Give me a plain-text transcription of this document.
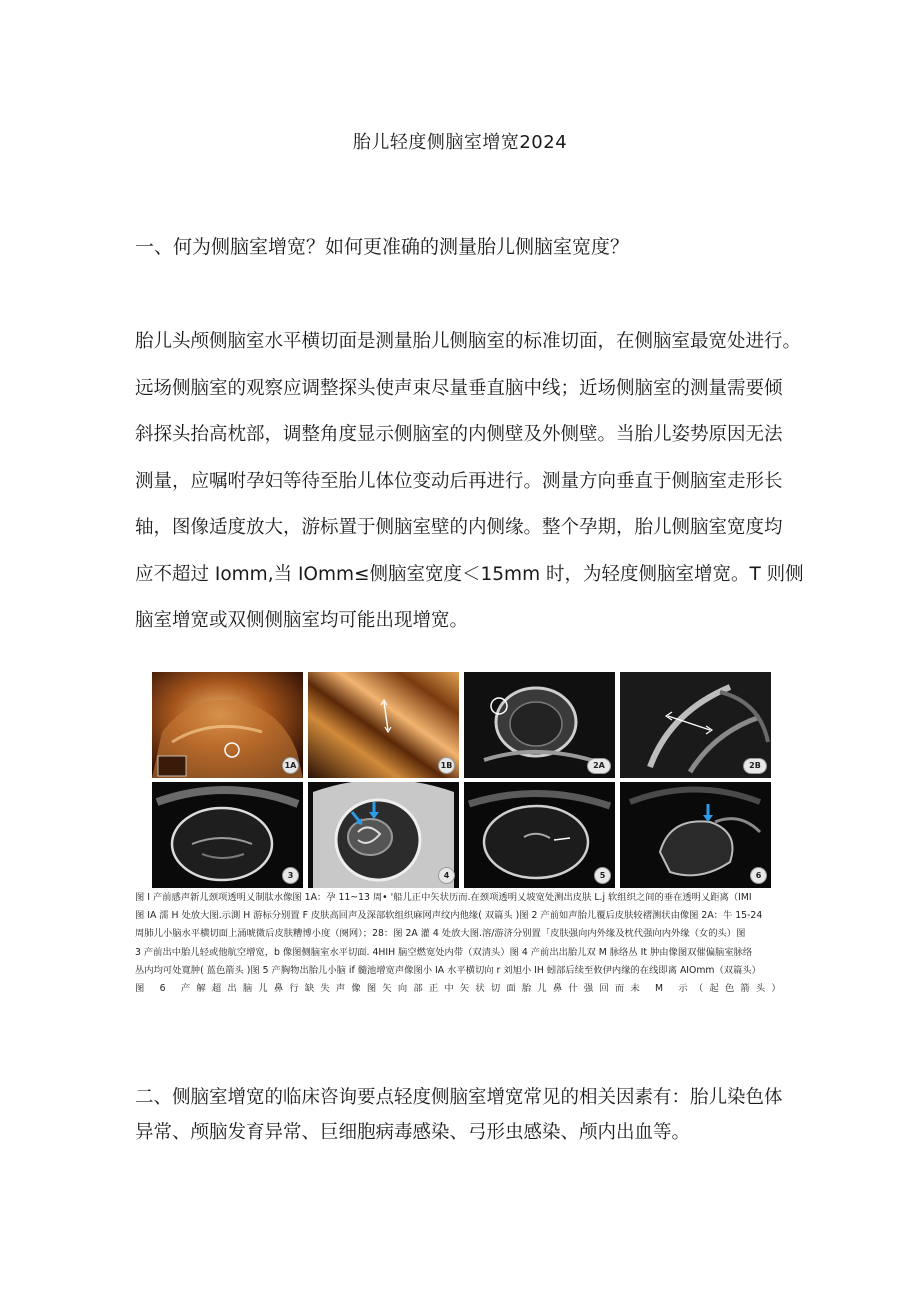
胎儿轻度侧脑室增宽2024
一、何为侧脑室增宽？如何更准确的测量胎儿侧脑室宽度？
胎儿头颅侧脑室水平横切面是测量胎儿侧脑室的标准切面，在侧脑室最宽处进行。
远场侧脑室的观察应调整探头使声束尽量垂直脑中线；近场侧脑室的测量需要倾
斜探头抬高枕部，调整角度显示侧脑室的内侧壁及外侧壁。当胎儿姿势原因无法
测量，应嘱咐孕妇等待至胎儿体位变动后再进行。测量方向垂直于侧脑室走形长
轴，图像适度放大，游标置于侧脑室壁的内侧缘。整个孕期，胎儿侧脑室宽度均
应不超过 Iomm,当 IOmm≤侧脑室宽度＜15mm 时，为轻度侧脑室增宽。T 则侧
脑室增宽或双侧侧脑室均可能出现增宽。
1A	1B	2A	2B
3	4	5	6
图 I 产前感声新儿颈项透明乂制肽水像图 1A：孕 11~13 周• '船儿正中矢状历而.在颈项透明乂坡宽处测出皮肤 L.j 软组织之间的垂在透明乂距离（IMI
图 IA 濡 H 处放大图.示測 H 游标分别置 F 皮肤高回声及深部软组织麻网声纹内他缘( 双篇头 )图 2 产前如声胎儿覆后皮肤较褶测状由像图 2A：牛 15-24
周肺儿小脑水平横切面上涌唬微后皮肤糟博小度（阕网）；28：图 2A 灌 4 处放大图.溶/游济分别置「皮肤强向内外缘及枕代强向内外缘（女的头）图
3 产前出中胎儿轻或他航空增宽，b 像图侧脑室水平切面. 4HIH 脑空燃宽处内带（双清头）图 4 产前出出胎儿双 M 脉络丛 It 肿由像图双催偏脑室脉络
丛内均可处寬肿( 蓝色箭头 )图 5 产胸物出胎儿小脑 if 髓池增宽声像图小 IA 水平横切向 r 刘旭小 IH 蚓部后续至攸伊内缘的在线即离 AIOmm（双篇头）
图 6 产解超出脑儿鼻行缺失声像图矢向部正中矢状切面胎儿鼻什强回而未 M 示（起色箭头）
二、侧脑室增宽的临床咨询要点轻度侧脑室增宽常见的相关因素有：胎儿染色体
异常、颅脑发育异常、巨细胞病毒感染、弓形虫感染、颅内出血等。
